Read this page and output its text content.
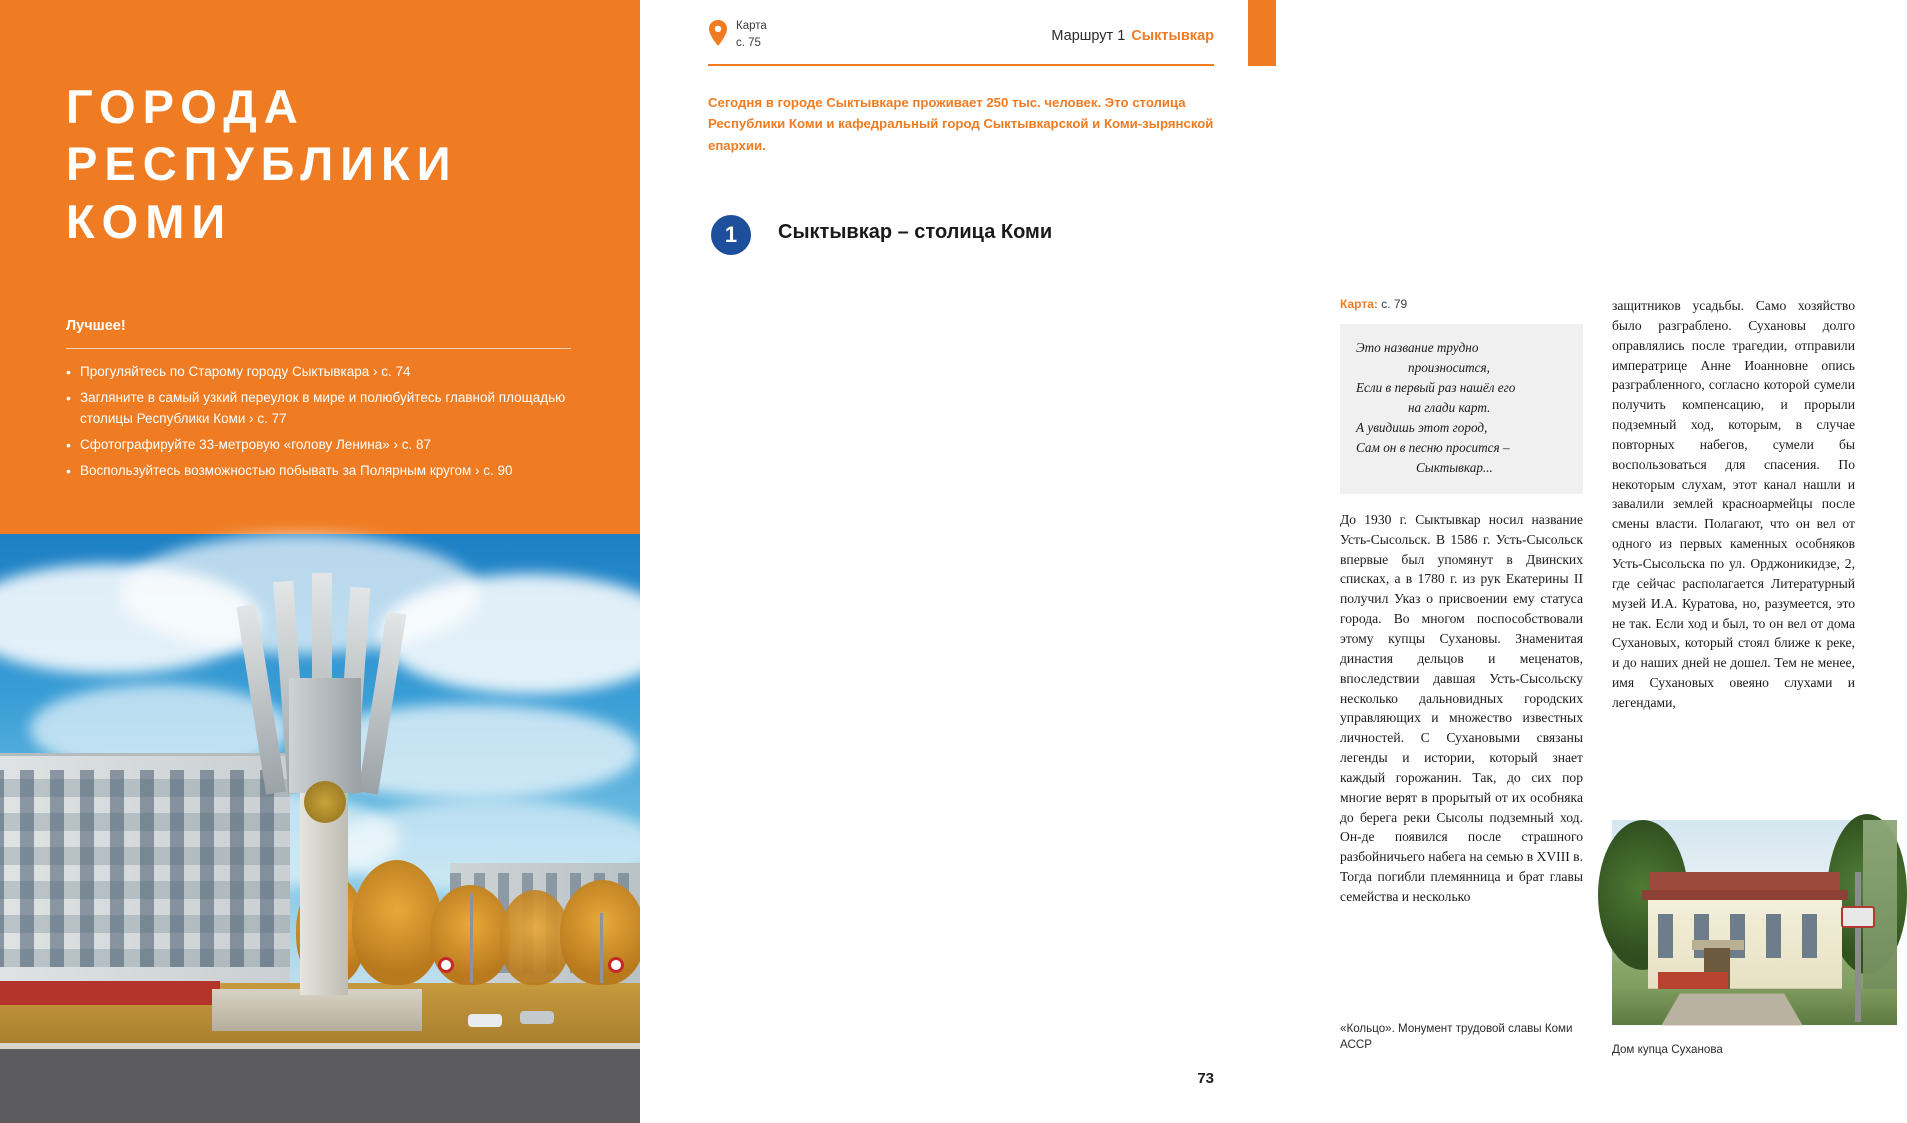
ГОРОДА
РЕСПУБЛИКИ
КОМИ
Лучшее!
• Прогуляйтесь по Старому городу Сыктывкара › с. 74
• Загляните в самый узкий переулок в мире и полюбуйтесь главной площадью столицы Республики Коми › с. 77
• Сфотографируйте 33-метровую «голову Ленина» › с. 87
• Воспользуйтесь возможностью побывать за Полярным кругом › с. 90
Карта
с. 75	Маршрут 1 Сыктывкар
Сегодня в городе Сыктывкаре проживает 250 тыс. человек. Это столица Республики Коми и кафедральный город Сыктывкарской и Коми-зырянской епархии.
1	Сыктывкар – столица Коми
Карта: с. 79
Это название трудно
произносится,
Если в первый раз нашёл его
на глади карт.
А увидишь этот город,
Сам он в песню просится –
Сыктывкар...

До 1930 г. Сыктывкар носил название Усть-Сысольск. В 1586 г. Усть-Сысольск впервые был упомянут в Двинских списках, а в 1780 г. из рук Екатерины II получил Указ о присвоении ему статуса города. Во многом поспособствовали этому купцы Сухановы. Знаменитая династия дельцов и меценатов, впоследствии давшая Усть-Сысольску несколько дальновидных городских управляющих и множество известных личностей. С Сухановыми связаны легенды и истории, который знает каждый горожанин. Так, до сих пор многие верят в прорытый от их особняка до берега реки Сысолы подземный ход. Он-де появился после страшного разбойничьего набега на семью в XVIII в. Тогда погибли племянница и брат главы семейства и несколько

защитников усадьбы. Само хозяйство было разграблено. Сухановы долго оправлялись после трагедии, отправили императрице Анне Иоанновне опись разграбленного, согласно которой сумели получить компенсацию, и прорыли подземный ход, которым, в случае повторных набегов, сумели бы воспользоваться для спасения. По некоторым слухам, этот канал нашли и завалили землей красноармейцы после смены власти. Полагают, что он вел от одного из первых каменных особняков Усть-Сысольска по ул. Орджоникидзе, 2, где сейчас располагается Литературный музей И.А. Куратова, но, разумеется, это не так. Если ход и был, то он вел от дома Сухановых, который стоял ближе к реке, и до наших дней не дошел. Тем не менее, имя Сухановых овеяно слухами и легендами,

«Кольцо». Монумент трудовой славы Коми АССР	Дом купца Суханова
73
